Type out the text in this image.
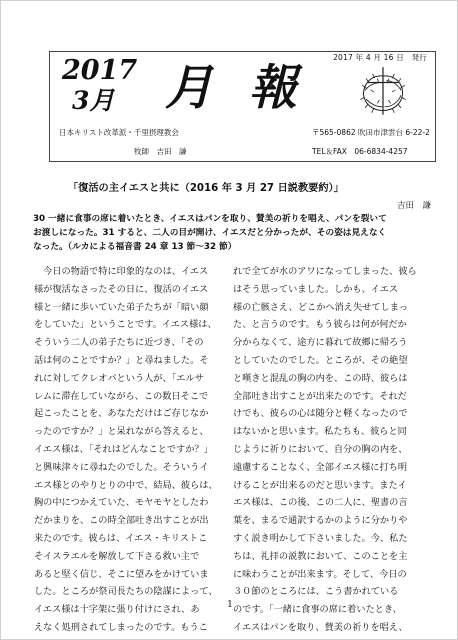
2017 年 4 月 16 日　発行
2017
3月 月報
日本キリスト改革派・千里摂理教会
牧師　吉田　謙
〒565-0862 吹田市津雲台 6-22-2
TEL＆FAX　06-6834-4257
「復活の主イエスと共に（2016 年 3 月 27 日説教要約）」
吉田　謙

30 一緒に食事の席に着いたとき、イエスはパンを取り、賛美の祈りを唱え、パンを裂いて

お渡しになった。31 すると、二人の目が開け、イエスだと分かったが、その姿は見えなく

なった。（ルカによる福音書 24 章 13 節～32 節）

　今日の物語で特に印象的なのは、イエス

様が復活なさったその日に、復活のイエス

様と一緒に歩いていた弟子たちが「暗い顔

をしていた」ということです。イエス様は、

そういう二人の弟子たちに近づき、「その

話は何のことですか？」と尋ねました。そ

れに対してクレオパという人が、「エルサ

レムに滞在していながら、この数日そこで

起こったことを、あなただけはご存じなか

ったのですか？」と呆れながら答えると、

イエス様は、「それはどんなことですか？」

と興味津々に尋ねたのでした。そういうイ

エス様とのやりとりの中で、結局、彼らは、

胸の中につかえていた、モヤモヤとしたわ

だかまりを、この時全部吐き出すことが出

来たのです。彼らは、イエス・キリストこ

そイスラエルを解放して下さる救い主で

あると堅く信じ、そこに望みをかけていま

した。ところが祭司長たちの陰謀によって、

イエス様は十字架に張り付けにされ、あ

えなく処刑されてしまったのです。もうこ

れで全てが水のアワになってしまった、彼ら

はそう思っていました。しかも、イエス

様の亡骸さえ、どこかへ消え失せてしまっ

た、と言うのです。もう彼らは何が何だか

分からなくて、途方に暮れて故郷に帰ろう

としていたのでした。ところが、その絶望

と嘆きと混乱の胸の内を、この時、彼らは

全部吐き出すことが出来たのです。それだ

けでも、彼らの心は随分と軽くなったので

はないかと思います。私たちも、彼らと同

じように祈りにおいて、自分の胸の内を、

遠慮することなく、全部イエス様に打ち明

けることが出来るのだと思います。またイ

エス様は、この後、この二人に、聖書の言

葉を、まるで通訳するかのように分かりや

すく説き明かして下さいました。今、私た

ちは、礼拝の説教において、このことを主

に味わうことが出来ます。そして、今日の

３０節のところには、こう書かれている

のです。「一緒に食事の席に着いたとき、

イエスはパンを取り、賛美の祈りを唱え、

1
